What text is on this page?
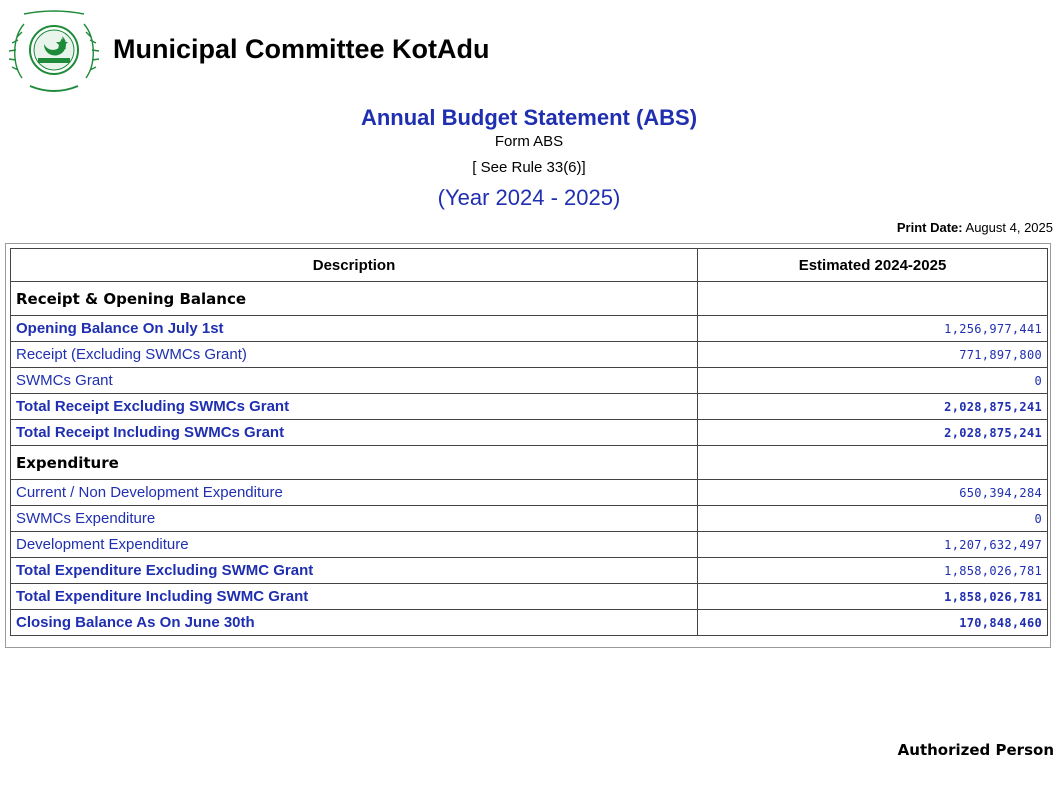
Municipal Committee KotAdu
Annual Budget Statement (ABS)
Form ABS
[ See Rule 33(6)]
(Year 2024 - 2025)
Print Date: August 4, 2025
Description	Estimated 2024-2025
Receipt & Opening Balance	
Opening Balance On July 1st	1,256,977,441
Receipt (Excluding SWMCs Grant)	771,897,800
SWMCs Grant	0
Total Receipt Excluding SWMCs Grant	2,028,875,241
Total Receipt Including SWMCs Grant	2,028,875,241
Expenditure	
Current / Non Development Expenditure	650,394,284
SWMCs Expenditure	0
Development Expenditure	1,207,632,497
Total Expenditure Excluding SWMC Grant	1,858,026,781
Total Expenditure Including SWMC Grant	1,858,026,781
Closing Balance As On June 30th	170,848,460
Authorized Person
